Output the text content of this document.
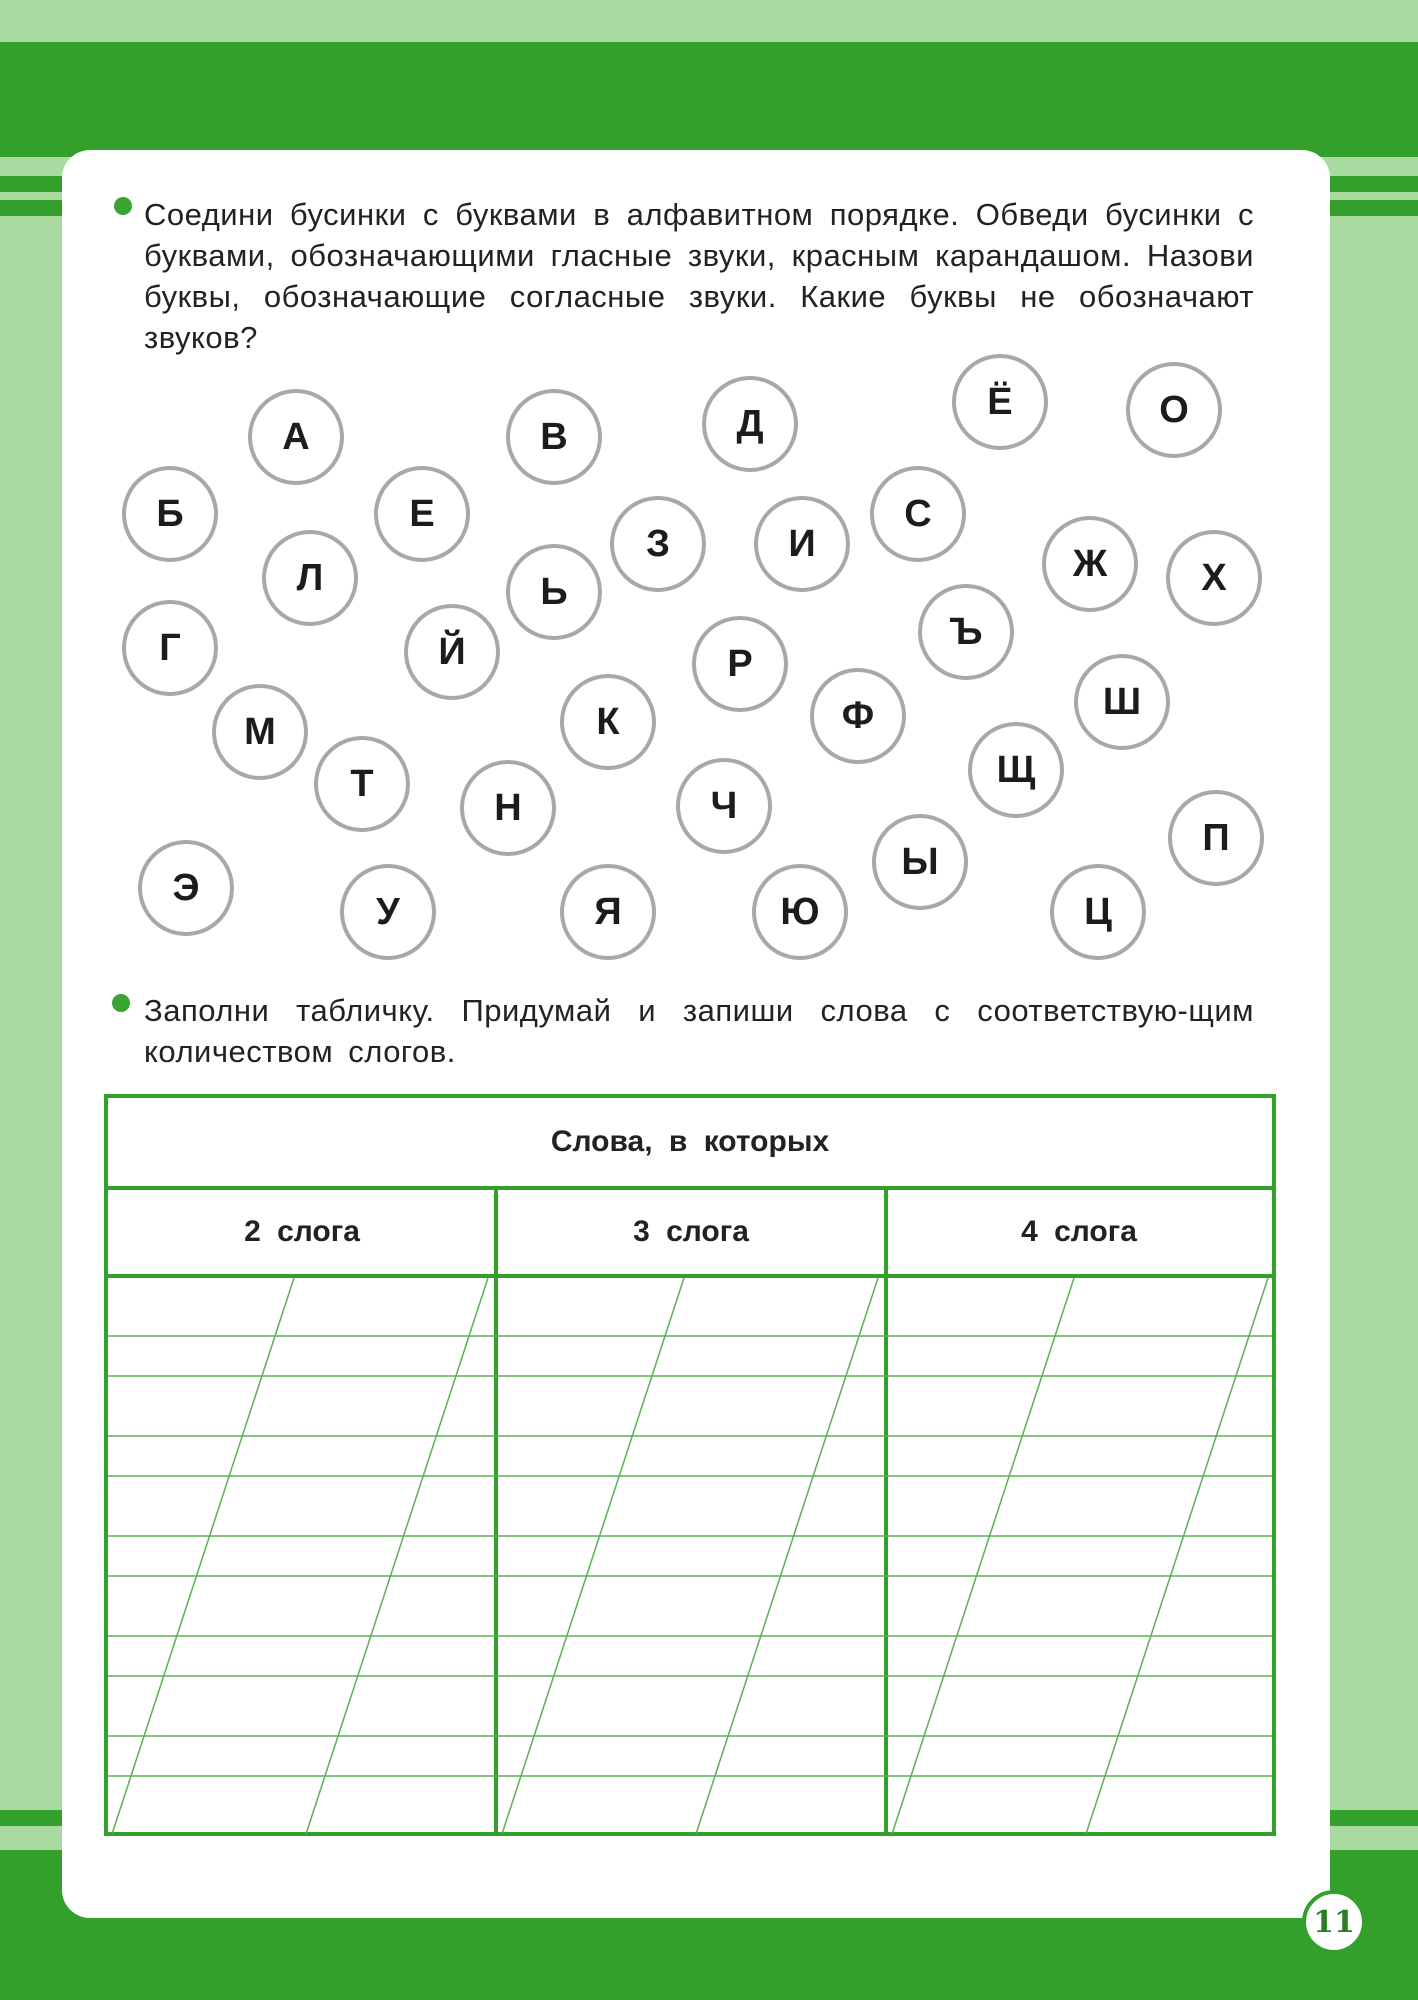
Соедини бусинки с буквами в алфавитном порядке. Обведи бусинки с буквами, обозначающими гласные звуки, красным карандашом. Назови буквы, обозначающие согласные звуки. Какие буквы не обозначают звуков?
А	В	Д
Ё	О
Б	Е
З	И
С
Л	Ь
Ж	Х
Г	Й	Р
Ъ
К	Ф	Ш
М
Т
Н	Ч
Щ
П
Ы
Э
У	Я	Ю	Ц
Заполни табличку. Придумай и запиши слова с соответствую-щим количеством слогов.
Слова, в которых
2 слога	3 слога	4 слога
11
